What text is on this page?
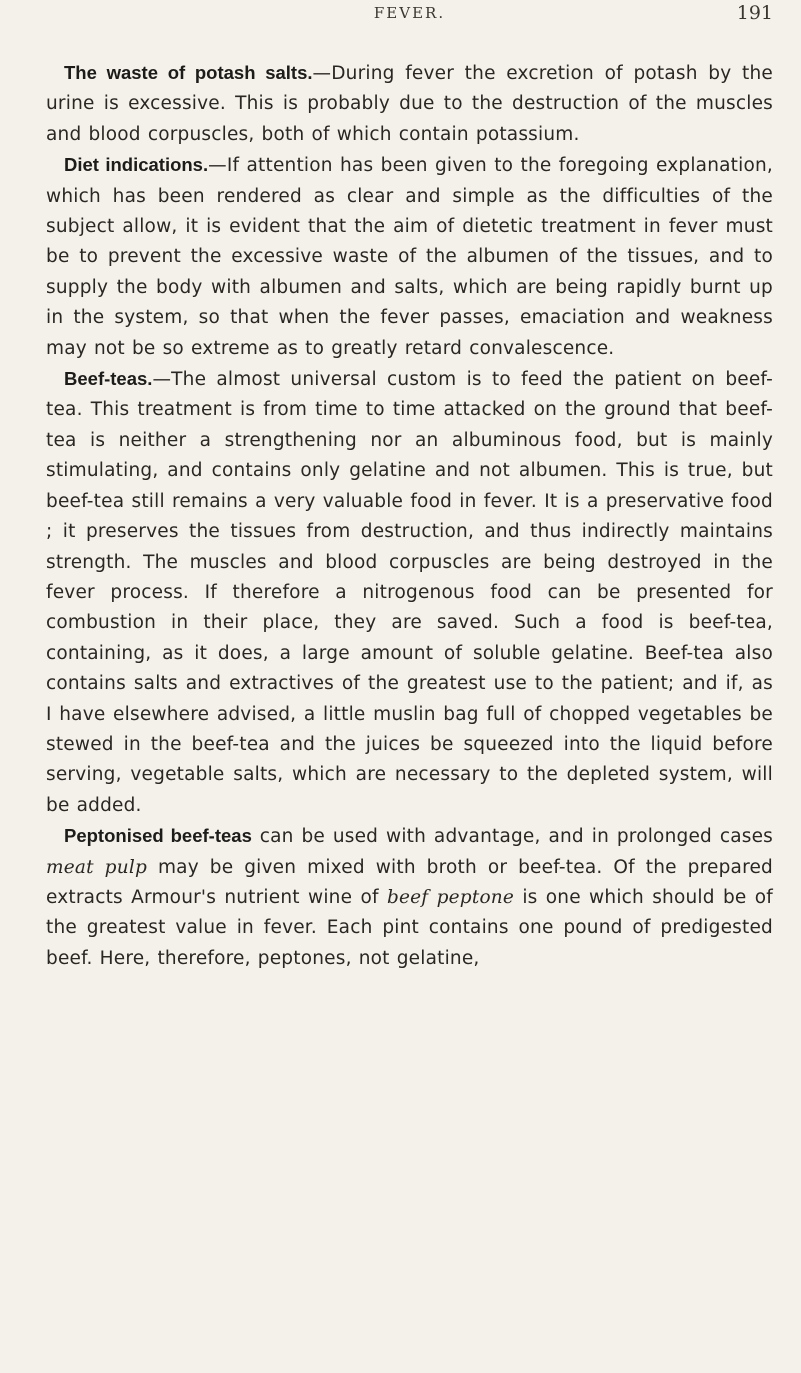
FEVER.	191

The waste of potash salts.—During fever the excretion of potash by the urine is excessive. This is probably due to the destruction of the muscles and blood corpuscles, both of which contain potassium.

Diet indications.—If attention has been given to the foregoing explanation, which has been rendered as clear and simple as the difficulties of the subject allow, it is evident that the aim of dietetic treatment in fever must be to prevent the excessive waste of the albumen of the tissues, and to supply the body with albumen and salts, which are being rapidly burnt up in the system, so that when the fever passes, emaciation and weakness may not be so extreme as to greatly retard convalescence.

Beef-teas.—The almost universal custom is to feed the patient on beef-tea. This treatment is from time to time attacked on the ground that beef-tea is neither a strengthening nor an albuminous food, but is mainly stimulating, and contains only gelatine and not albumen. This is true, but beef-tea still remains a very valuable food in fever. It is a preservative food ; it preserves the tissues from destruction, and thus indirectly maintains strength. The muscles and blood corpuscles are being destroyed in the fever process. If therefore a nitrogenous food can be presented for combustion in their place, they are saved. Such a food is beef-tea, containing, as it does, a large amount of soluble gelatine. Beef-tea also contains salts and extractives of the greatest use to the patient; and if, as I have elsewhere advised, a little muslin bag full of chopped vegetables be stewed in the beef-tea and the juices be squeezed into the liquid before serving, vegetable salts, which are necessary to the depleted system, will be added.

Peptonised beef-teas can be used with advantage, and in prolonged cases meat pulp may be given mixed with broth or beef-tea. Of the prepared extracts Armour's nutrient wine of beef peptone is one which should be of the greatest value in fever. Each pint contains one pound of predigested beef. Here, therefore, peptones, not gelatine,
